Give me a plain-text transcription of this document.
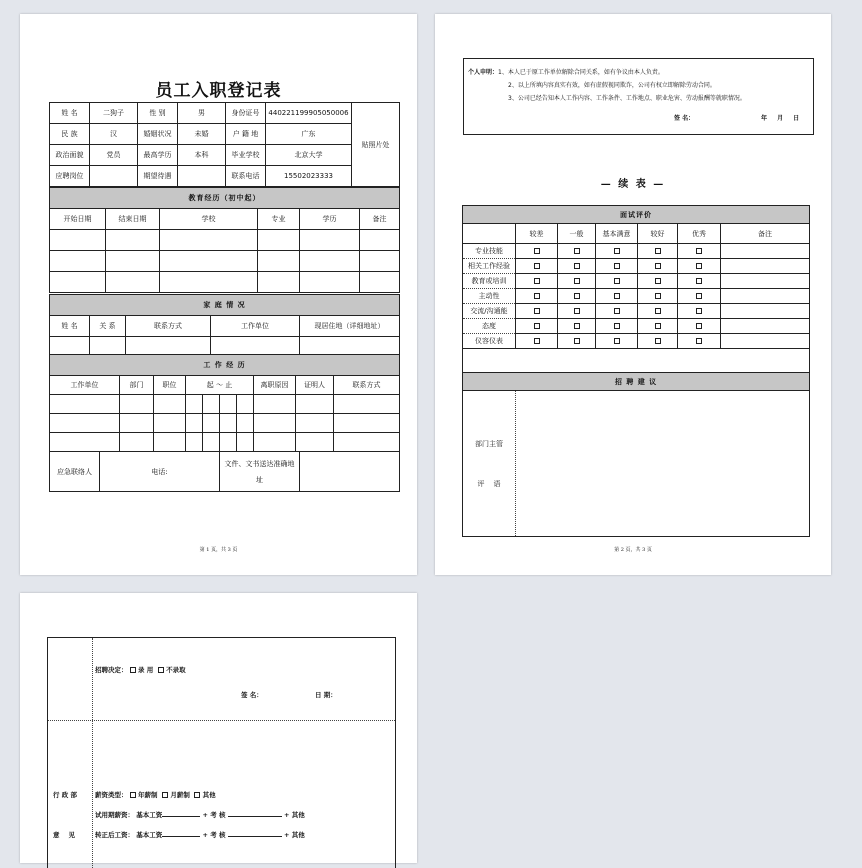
员工入职登记表
姓 名	二狗子	性 别	男	身份证号	440221199905050006	贴照片处
民 族	汉	婚姻状况	未婚	户 籍 地	广东	
政治面貌	党员	最高学历	本科	毕业学校	北京大学	
应聘岗位		期望待遇		联系电话	15502023333	
教育经历（初中起）					
开始日期	结束日期	学校	专业	学历	备注

家 庭 情 况				
姓 名	关 系	联系方式	工作单位	现居住地（详细地址）

工 作 经 历									
工作单位	部门	职位	起 ～ 止				离职原因	证明人	联系方式

应急联络人	电话:	文件、文书送达准确地
址	
第 1 页，共 3 页
个人申明：1、本人已于原工作单位解除合同关系，如有争议由本人负责。
2、以上所填内容真实有效，如有虚假视同欺诈，公司有权立即解除劳动合同。
3、公司已经告知本人工作内容、工作条件、工作地点、职业危害、劳动报酬等就职情况。
签 名：	年 月 日
— 续 表 —
面试评价						
	较差	一般	基本满意	较好	优秀	备注
专业技能						
相关工作经验						
教育或培训						
主动性						
交流/沟通能						
态度						
仪容仪表						

招 聘 建 议						
部门主管
评    语						
第 2 页，共 3 页
招聘决定： 录 用 不录取
签 名：	日 期：
行 政 部
意    见
薪资类型： 年薪制 月薪制 其他
试用期薪资： 基本工资	+ 考 核	+ 其他
转正后工资： 基本工资	+ 考 核	+ 其他
